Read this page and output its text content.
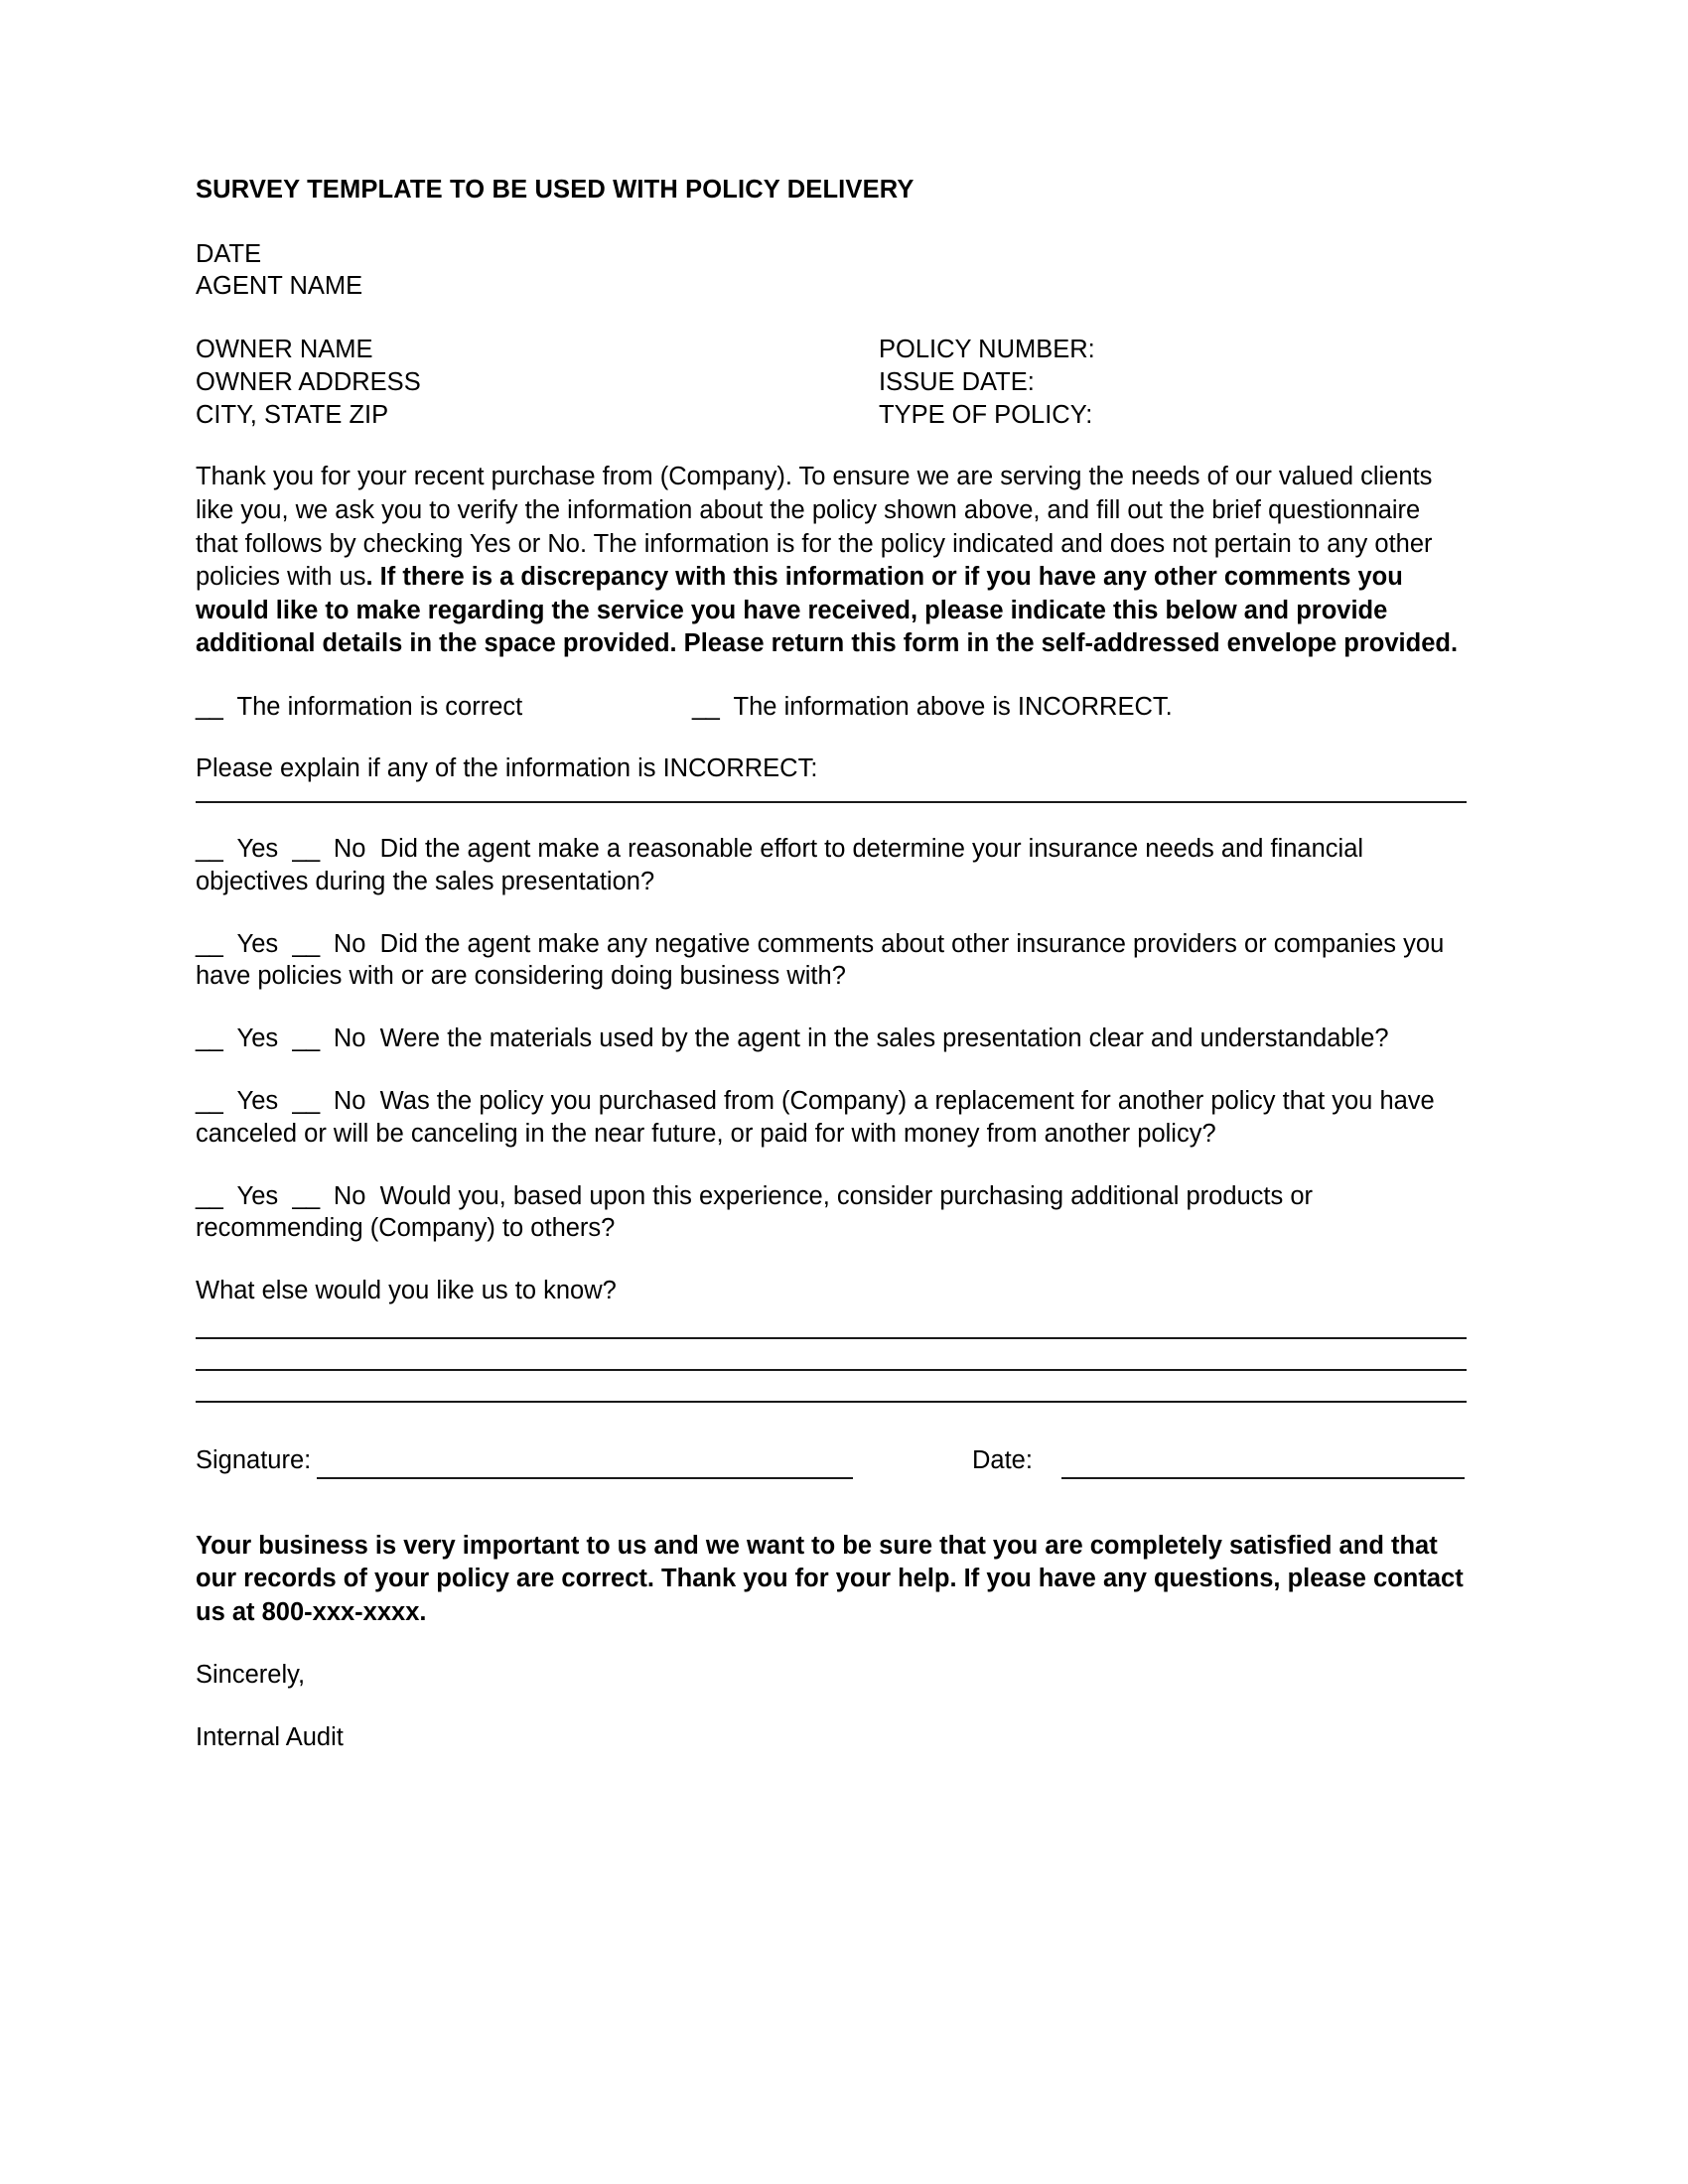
SURVEY TEMPLATE TO BE USED WITH POLICY DELIVERY
DATE
AGENT NAME
OWNER NAME	POLICY NUMBER:
OWNER ADDRESS	ISSUE DATE:
CITY, STATE ZIP	TYPE OF POLICY:

Thank you for your recent purchase from (Company). To ensure we are serving the needs of our valued clients like you, we ask you to verify the information about the policy shown above, and fill out the brief questionnaire that follows by checking Yes or No. The information is for the policy indicated and does not pertain to any other policies with us. If there is a discrepancy with this information or if you have any other comments you would like to make regarding the service you have received, please indicate this below and provide additional details in the space provided. Please return this form in the self-addressed envelope provided.

__ The information is correct	__ The information above is INCORRECT.
Please explain if any of the information is INCORRECT:

__ Yes __ No Did the agent make a reasonable effort to determine your insurance needs and financial objectives during the sales presentation?

__ Yes __ No Did the agent make any negative comments about other insurance providers or companies you have policies with or are considering doing business with?

__ Yes __ No Were the materials used by the agent in the sales presentation clear and understandable?

__ Yes __ No Was the policy you purchased from (Company) a replacement for another policy that you have canceled or will be canceling in the near future, or paid for with money from another policy?

__ Yes __ No Would you, based upon this experience, consider purchasing additional products or recommending (Company) to others?

What else would you like us to know?
Signature:	Date:

Your business is very important to us and we want to be sure that you are completely satisfied and that our records of your policy are correct. Thank you for your help. If you have any questions, please contact us at 800-xxx-xxxx.

Sincerely,
Internal Audit
